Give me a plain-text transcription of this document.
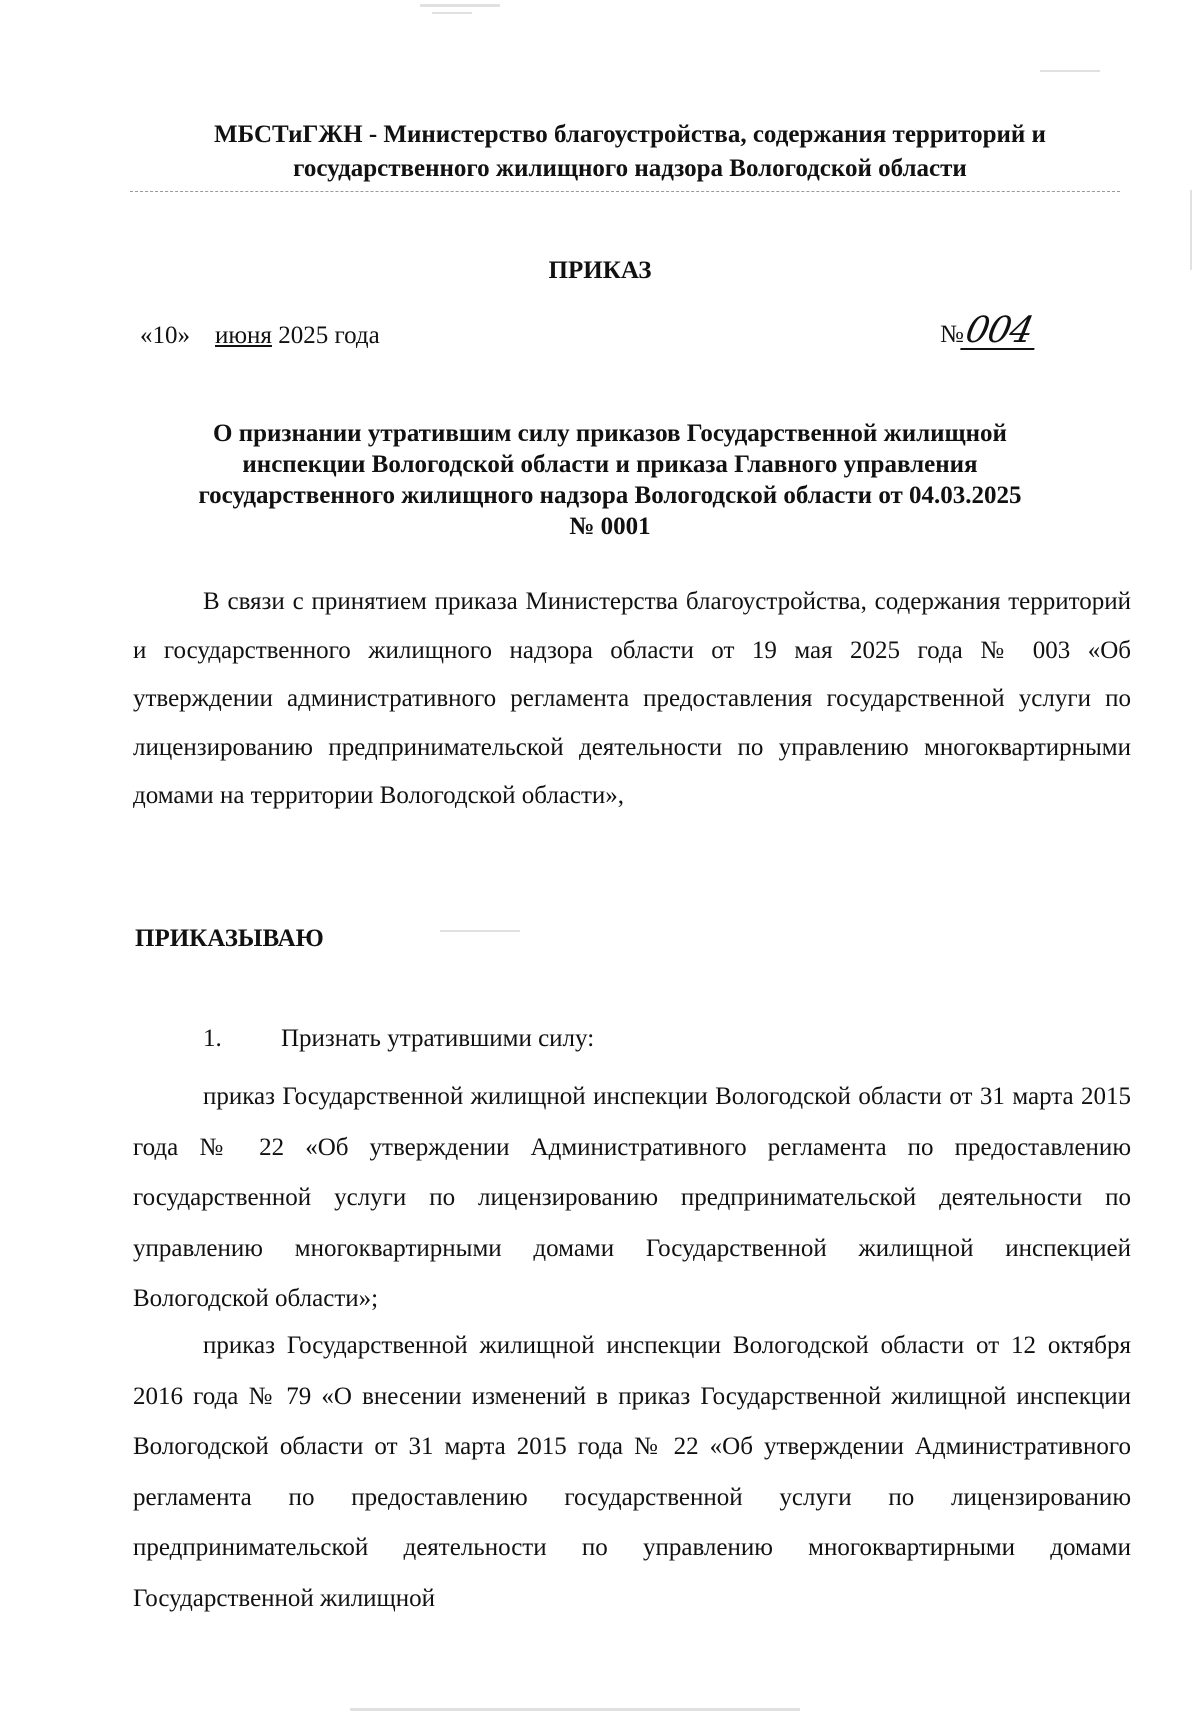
МБСТиГЖН - Министерство благоустройства, содержания территорий и
государственного жилищного надзора Вологодской области
ПРИКАЗ
«10» июня 2025 года	№004
О признании утратившим силу приказов Государственной жилищной
инспекции Вологодской области и приказа Главного управления
государственного жилищного надзора Вологодской области от 04.03.2025
№ 0001
В связи с принятием приказа Министерства благоустройства, содержания территорий и государственного жилищного надзора области от 19 мая 2025 года № 003 «Об утверждении административного регламента предоставления государственной услуги по лицензированию предпринимательской деятельности по управлению многоквартирными домами на территории Вологодской области»,
ПРИКАЗЫВАЮ
1. Признать утратившими силу:
приказ Государственной жилищной инспекции Вологодской области от 31 марта 2015 года № 22 «Об утверждении Административного регламента по предоставлению государственной услуги по лицензированию предпринимательской деятельности по управлению многоквартирными домами Государственной жилищной инспекцией Вологодской области»;
приказ Государственной жилищной инспекции Вологодской области от 12 октября 2016 года № 79 «О внесении изменений в приказ Государственной жилищной инспекции Вологодской области от 31 марта 2015 года № 22 «Об утверждении Административного регламента по предоставлению государственной услуги по лицензированию предпринимательской деятельности по управлению многоквартирными домами Государственной жилищной
